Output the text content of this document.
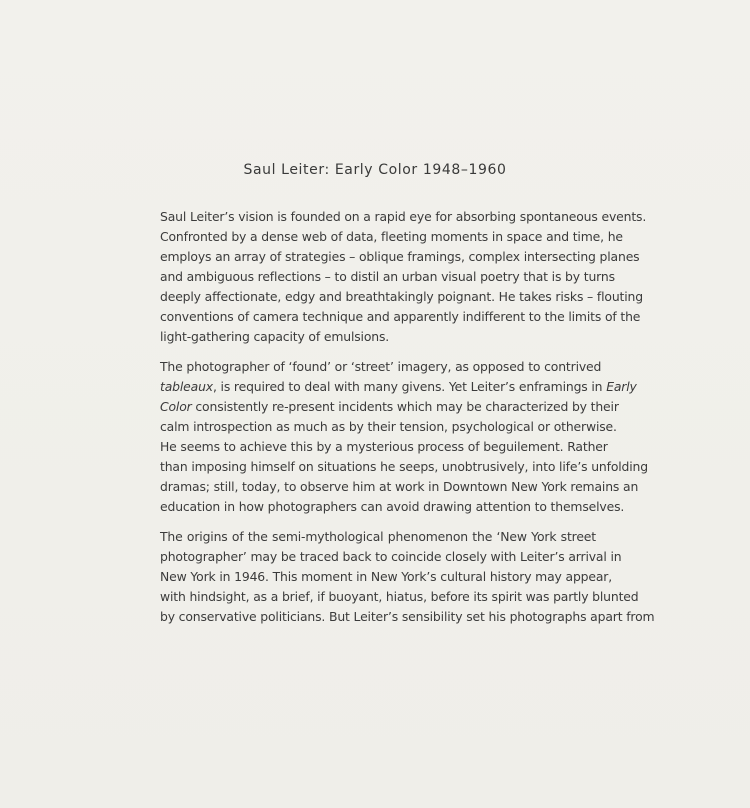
Saul Leiter: Early Color 1948–1960
Saul Leiter’s vision is founded on a rapid eye for absorbing spontaneous events.
Confronted by a dense web of data, fleeting moments in space and time, he
employs an array of strategies – oblique framings, complex intersecting planes
and ambiguous reflections – to distil an urban visual poetry that is by turns
deeply affectionate, edgy and breathtakingly poignant. He takes risks – flouting
conventions of camera technique and apparently indifferent to the limits of the
light-gathering capacity of emulsions.
The photographer of ‘found’ or ‘street’ imagery, as opposed to contrived
tableaux, is required to deal with many givens. Yet Leiter’s enframings in Early
Color consistently re-present incidents which may be characterized by their
calm introspection as much as by their tension, psychological or otherwise.
He seems to achieve this by a mysterious process of beguilement. Rather
than imposing himself on situations he seeps, unobtrusively, into life’s unfolding
dramas; still, today, to observe him at work in Downtown New York remains an
education in how photographers can avoid drawing attention to themselves.
The origins of the semi-mythological phenomenon the ‘New York street
photographer’ may be traced back to coincide closely with Leiter’s arrival in
New York in 1946. This moment in New York’s cultural history may appear,
with hindsight, as a brief, if buoyant, hiatus, before its spirit was partly blunted
by conservative politicians. But Leiter’s sensibility set his photographs apart from
